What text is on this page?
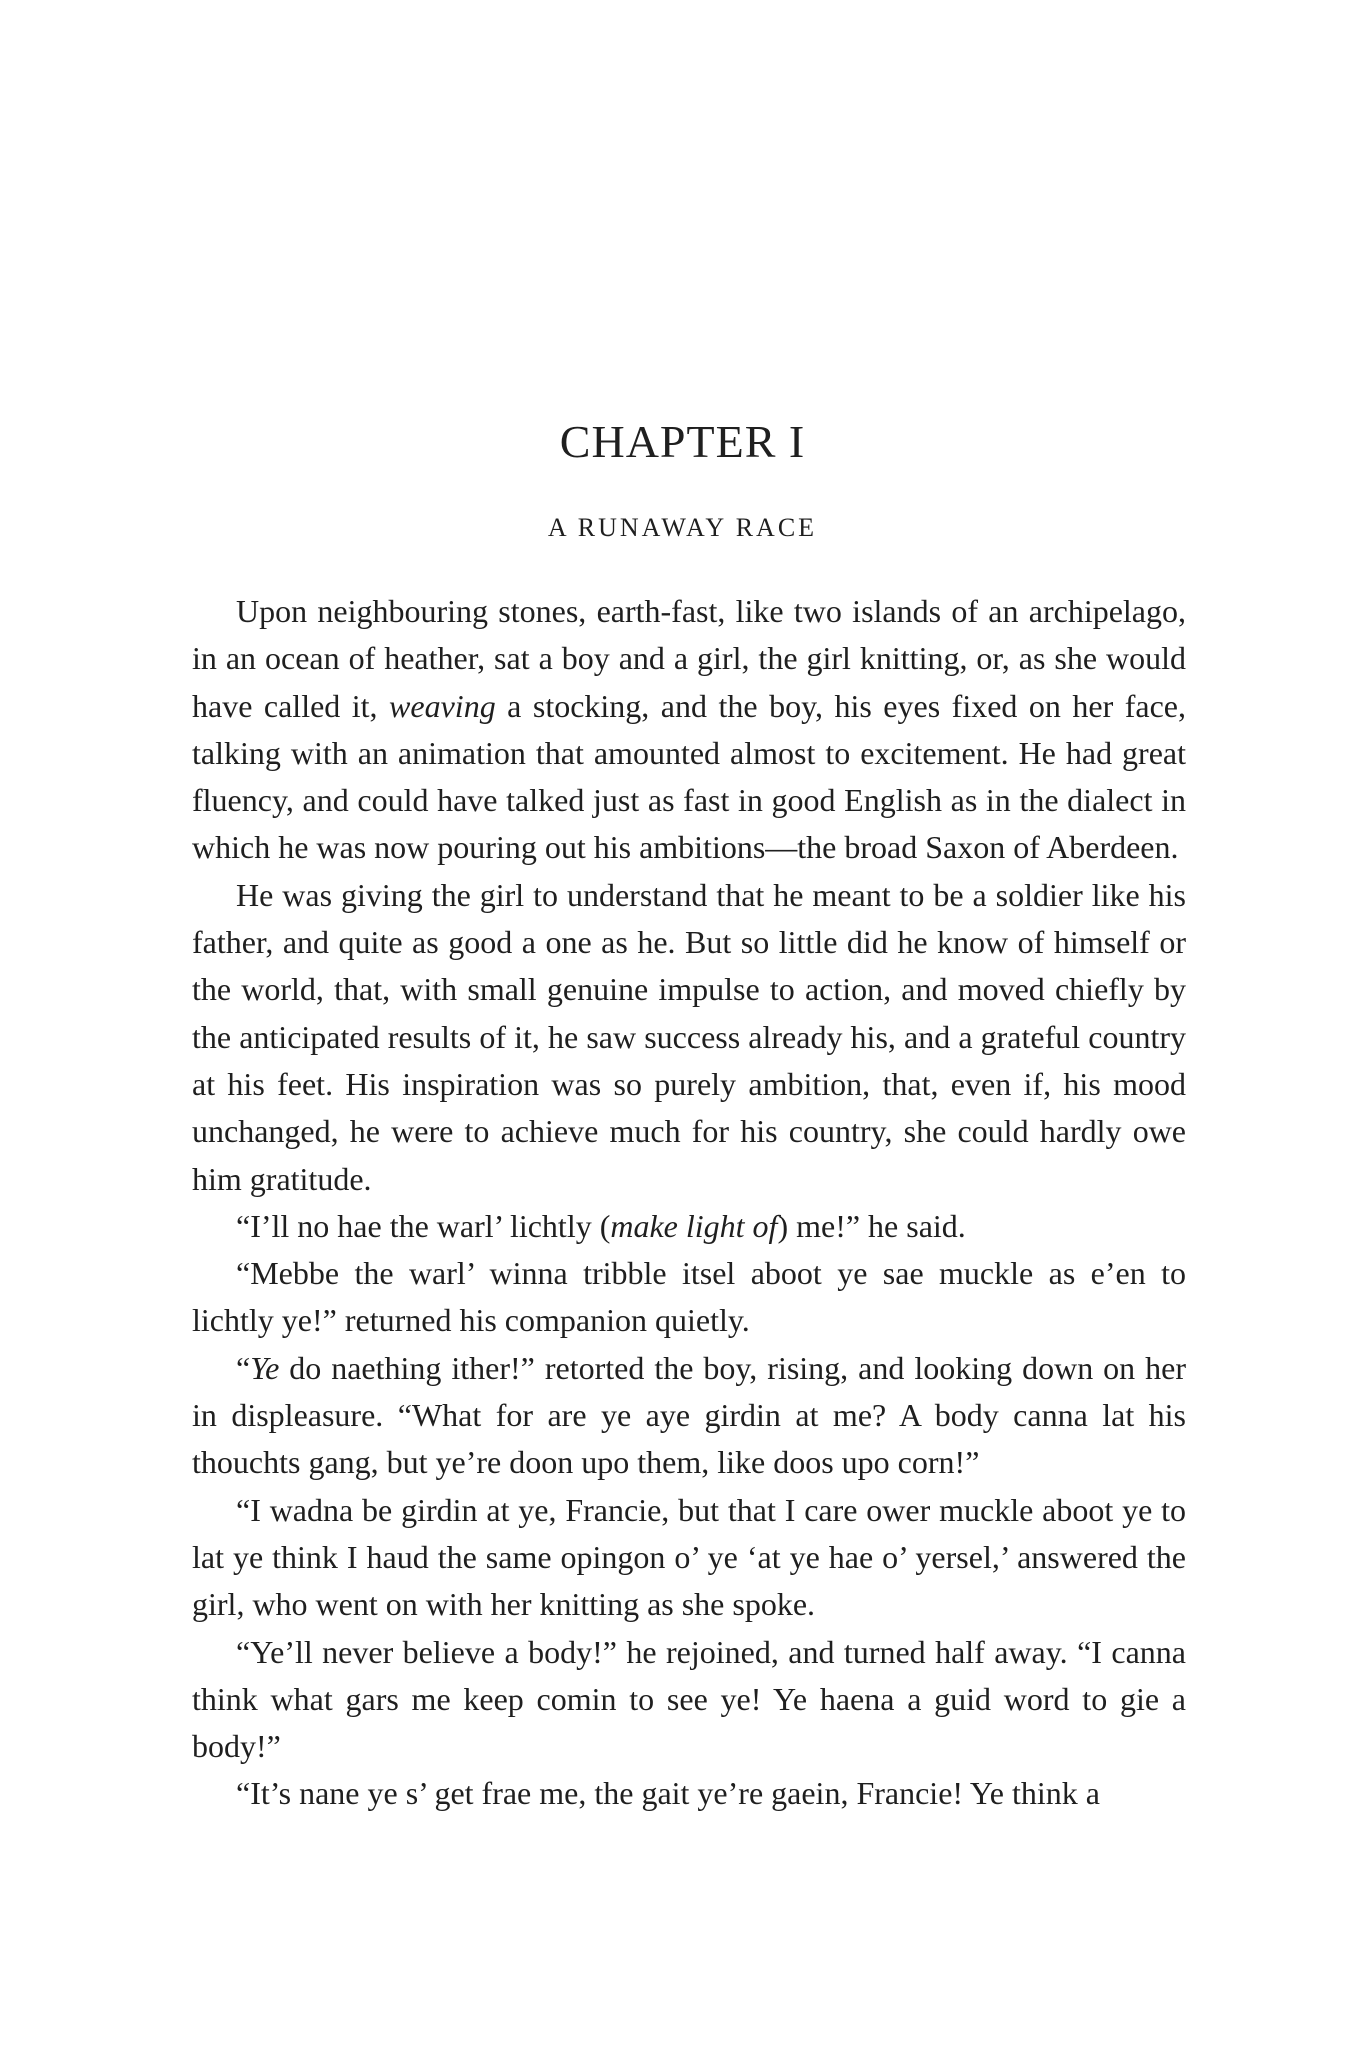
CHAPTER I
A RUNAWAY RACE

Upon neighbouring stones, earth-fast, like two islands of an archipelago, in an ocean of heather, sat a boy and a girl, the girl knitting, or, as she would have called it, weaving a stocking, and the boy, his eyes fixed on her face, talking with an animation that amounted almost to excitement. He had great fluency, and could have talked just as fast in good English as in the dialect in which he was now pouring out his ambitions—the broad Saxon of Aberdeen.

He was giving the girl to understand that he meant to be a soldier like his father, and quite as good a one as he. But so little did he know of himself or the world, that, with small genuine impulse to action, and moved chiefly by the anticipated results of it, he saw success already his, and a grateful country at his feet. His inspiration was so purely ambition, that, even if, his mood unchanged, he were to achieve much for his country, she could hardly owe him gratitude.

“I’ll no hae the warl’ lichtly (make light of) me!” he said.

“Mebbe the warl’ winna tribble itsel aboot ye sae muckle as e’en to lichtly ye!” returned his companion quietly.

“Ye do naething ither!” retorted the boy, rising, and looking down on her in displeasure. “What for are ye aye girdin at me? A body canna lat his thouchts gang, but ye’re doon upo them, like doos upo corn!”

“I wadna be girdin at ye, Francie, but that I care ower muckle aboot ye to lat ye think I haud the same opingon o’ ye ‘at ye hae o’ yersel,’ answered the girl, who went on with her knitting as she spoke.

“Ye’ll never believe a body!” he rejoined, and turned half away. “I canna think what gars me keep comin to see ye! Ye haena a guid word to gie a body!”

“It’s nane ye s’ get frae me, the gait ye’re gaein, Francie! Ye think a
